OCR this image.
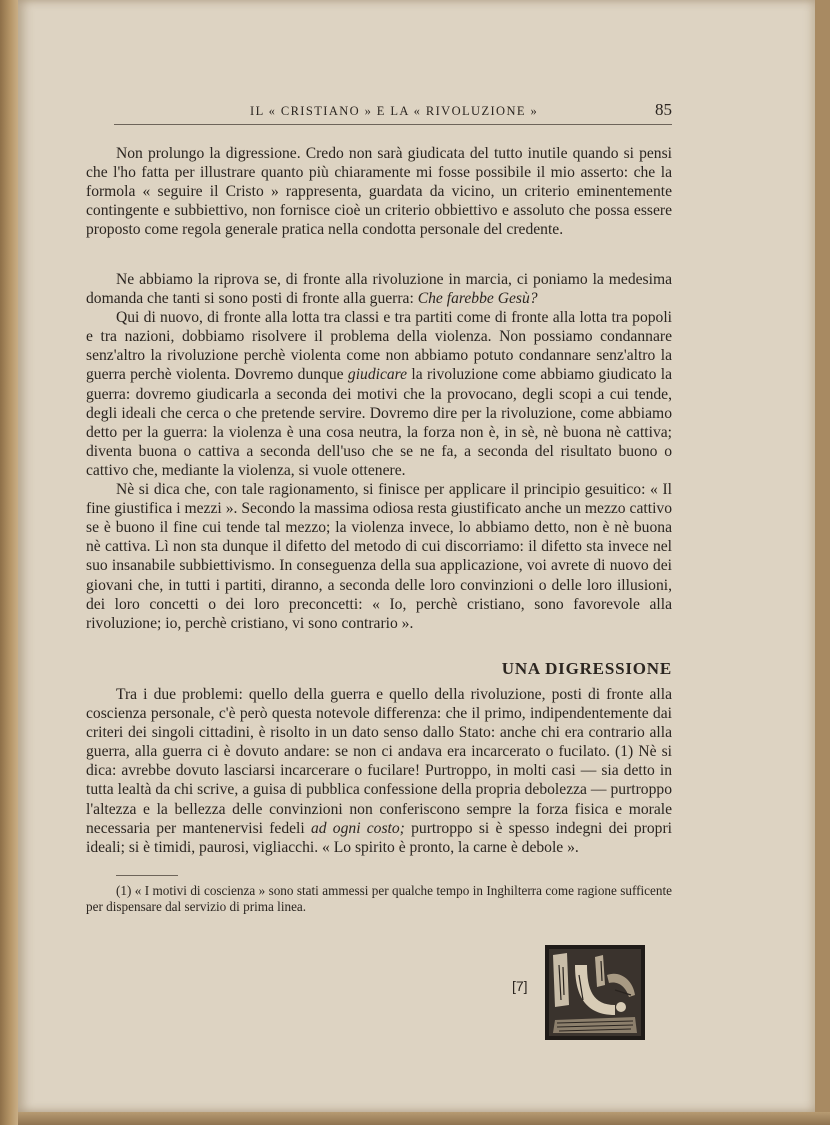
IL « CRISTIANO » E LA « RIVOLUZIONE »	85

Non prolungo la digressione. Credo non sarà giudicata del tutto inutile quando si pensi che l'ho fatta per illustrare quanto più chiaramente mi fosse possibile il mio asserto: che la formola « seguire il Cristo » rappresenta, guardata da vicino, un criterio eminentemente contingente e subbiettivo, non fornisce cioè un criterio obbiettivo e assoluto che possa essere proposto come regola generale pratica nella condotta personale del credente.

Ne abbiamo la riprova se, di fronte alla rivoluzione in marcia, ci poniamo la medesima domanda che tanti si sono posti di fronte alla guerra: Che farebbe Gesù?

Qui di nuovo, di fronte alla lotta tra classi e tra partiti come di fronte alla lotta tra popoli e tra nazioni, dobbiamo risolvere il problema della violenza. Non possiamo condannare senz'altro la rivoluzione perchè violenta come non abbiamo potuto condannare senz'altro la guerra perchè violenta. Dovremo dunque giudicare la rivoluzione come abbiamo giudicato la guerra: dovremo giudicarla a seconda dei motivi che la provocano, degli scopi a cui tende, degli ideali che cerca o che pretende servire. Dovremo dire per la rivoluzione, come abbiamo detto per la guerra: la violenza è una cosa neutra, la forza non è, in sè, nè buona nè cattiva; diventa buona o cattiva a seconda dell'uso che se ne fa, a seconda del risultato buono o cattivo che, mediante la violenza, si vuole ottenere.

Nè si dica che, con tale ragionamento, si finisce per applicare il principio gesuitico: « Il fine giustifica i mezzi ». Secondo la massima odiosa resta giustificato anche un mezzo cattivo se è buono il fine cui tende tal mezzo; la violenza invece, lo abbiamo detto, non è nè buona nè cattiva. Lì non sta dunque il difetto del metodo di cui discorriamo: il difetto sta invece nel suo insanabile subbiettivismo. In conseguenza della sua applicazione, voi avrete di nuovo dei giovani che, in tutti i partiti, diranno, a seconda delle loro convinzioni o delle loro illusioni, dei loro concetti o dei loro preconcetti: « Io, perchè cristiano, sono favorevole alla rivoluzione; io, perchè cristiano, vi sono contrario ».

UNA DIGRESSIONE

Tra i due problemi: quello della guerra e quello della rivoluzione, posti di fronte alla coscienza personale, c'è però questa notevole differenza: che il primo, indipendentemente dai criteri dei singoli cittadini, è risolto in un dato senso dallo Stato: anche chi era contrario alla guerra, alla guerra ci è dovuto andare: se non ci andava era incarcerato o fucilato. (1) Nè si dica: avrebbe dovuto lasciarsi incarcerare o fucilare! Purtroppo, in molti casi — sia detto in tutta lealtà da chi scrive, a guisa di pubblica confessione della propria debolezza — purtroppo l'altezza e la bellezza delle convinzioni non conferiscono sempre la forza fisica e morale necessaria per mantenervisi fedeli ad ogni costo; purtroppo si è spesso indegni dei propri ideali; si è timidi, paurosi, vigliacchi. « Lo spirito è pronto, la carne è debole ».

(1) « I motivi di coscienza » sono stati ammessi per qualche tempo in Inghilterra come ragione sufficente per dispensare dal servizio di prima linea.

[7]
